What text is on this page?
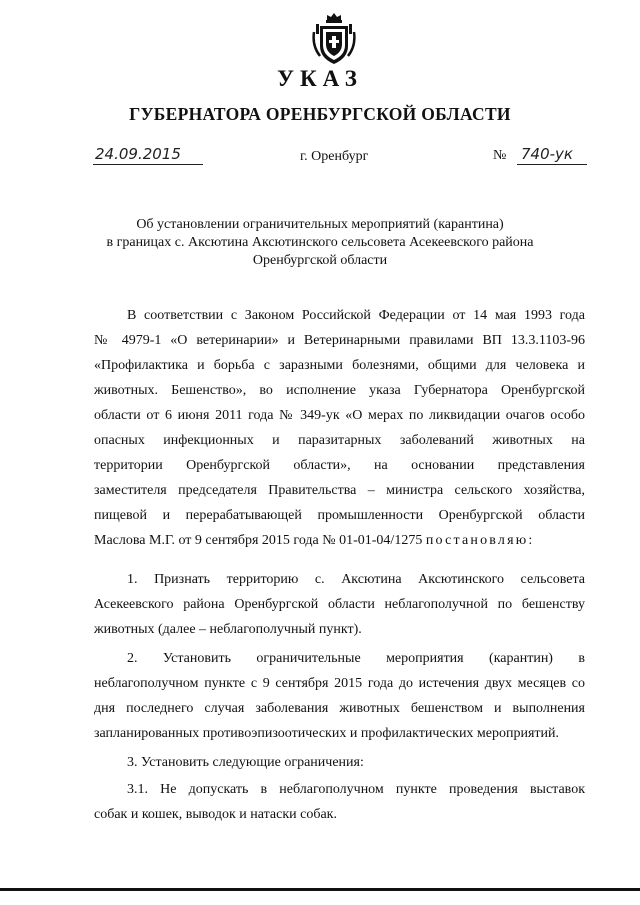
УКАЗ
ГУБЕРНАТОРА ОРЕНБУРГСКОЙ ОБЛАСТИ
24.09.2015	г. Оренбург	№ 740-ук
Об установлении ограничительных мероприятий (карантина)
в границах с. Аксютина Аксютинского сельсовета Асекеевского района
Оренбургской области
В соответствии с Законом Российской Федерации от 14 мая 1993 года
№ 4979-1 «О ветеринарии» и Ветеринарными правилами ВП 13.3.1103-96
«Профилактика и борьба с заразными болезнями, общими для человека и
животных. Бешенство», во исполнение указа Губернатора Оренбургской
области от 6 июня 2011 года № 349-ук «О мерах по ликвидации очагов особо
опасных инфекционных и паразитарных заболеваний животных на
территории Оренбургской области», на основании представления
заместителя председателя Правительства – министра сельского хозяйства,
пищевой и перерабатывающей промышленности Оренбургской области
Маслова М.Г. от 9 сентября 2015 года № 01-01-04/1275 постановляю:
1. Признать территорию с. Аксютина Аксютинского сельсовета
Асекеевского района Оренбургской области неблагополучной по бешенству
животных (далее – неблагополучный пункт).
2. Установить ограничительные мероприятия (карантин) в
неблагополучном пункте с 9 сентября 2015 года до истечения двух месяцев со
дня последнего случая заболевания животных бешенством и выполнения
запланированных противоэпизоотических и профилактических мероприятий.
3. Установить следующие ограничения:
3.1. Не допускать в неблагополучном пункте проведения выставок
собак и кошек, выводок и натаски собак.
